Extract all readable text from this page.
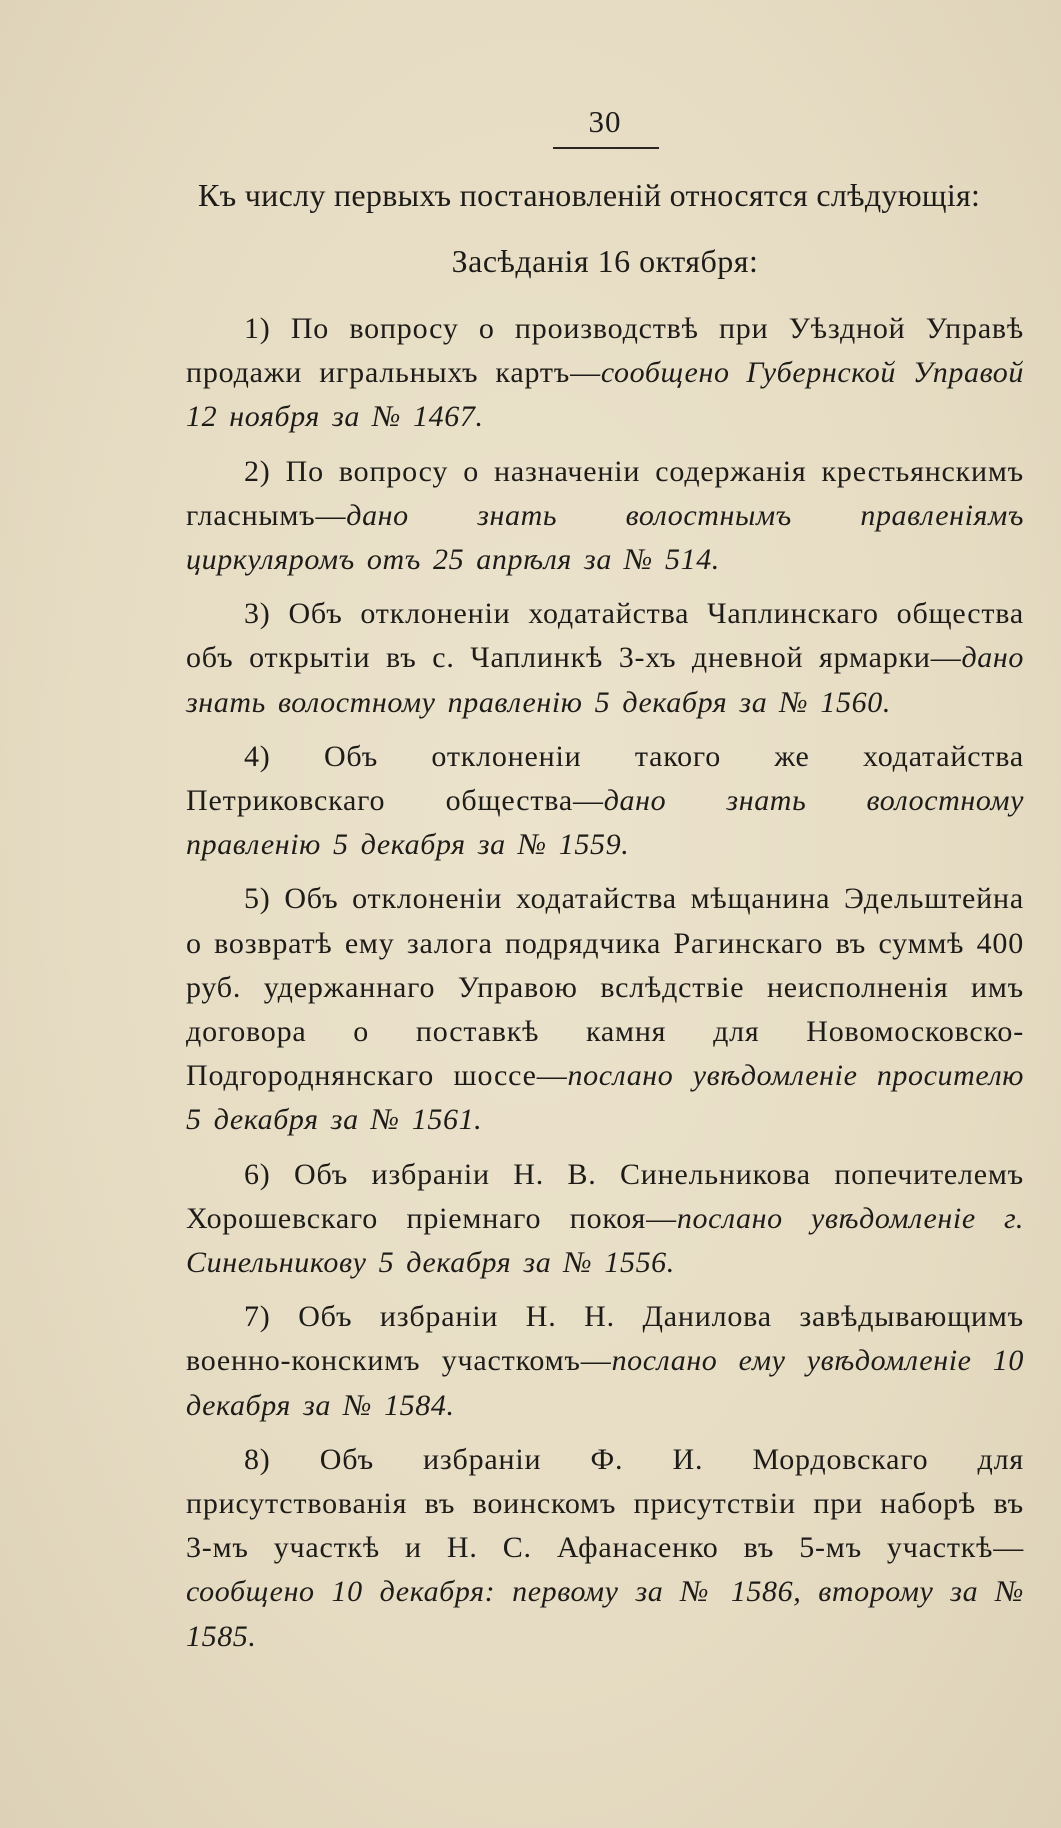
30
Къ числу первыхъ постановленій относятся слѣдующія:
Засѣданія 16 октября:

1) По вопросу о производствѣ при Уѣздной Управѣ продажи игральныхъ картъ—сообщено Губернской Управой 12 ноября за № 1467.

2) По вопросу о назначеніи содержанія крестьянскимъ гласнымъ—дано знать волостнымъ правленіямъ циркуляромъ отъ 25 апрѣля за № 514.

3) Объ отклоненіи ходатайства Чаплинскаго общества объ открытіи въ с. Чаплинкѣ 3-хъ дневной ярмарки—дано знать волостному правленію 5 декабря за № 1560.

4) Объ отклоненіи такого же ходатайства Петриковскаго общества—дано знать волостному правленію 5 декабря за № 1559.

5) Объ отклоненіи ходатайства мѣщанина Эдельштейна о возвратѣ ему залога подрядчика Рагинскаго въ суммѣ 400 руб. удержаннаго Управою вслѣдствіе неисполненія имъ договора о поставкѣ камня для Новомосковско-Подгороднянскаго шоссе—послано увѣдомленіе просителю 5 декабря за № 1561.

6) Объ избраніи Н. В. Синельникова попечителемъ Хорошевскаго пріемнаго покоя—послано увѣдомленіе г. Синельникову 5 декабря за № 1556.

7) Объ избраніи Н. Н. Данилова завѣдывающимъ военно-конскимъ участкомъ—послано ему увѣдомленіе 10 декабря за № 1584.

8) Объ избраніи Ф. И. Мордовскаго для присутствованія въ воинскомъ присутствіи при наборѣ въ 3-мъ участкѣ и Н. С. Афанасенко въ 5-мъ участкѣ—сообщено 10 декабря: первому за № 1586, второму за № 1585.
